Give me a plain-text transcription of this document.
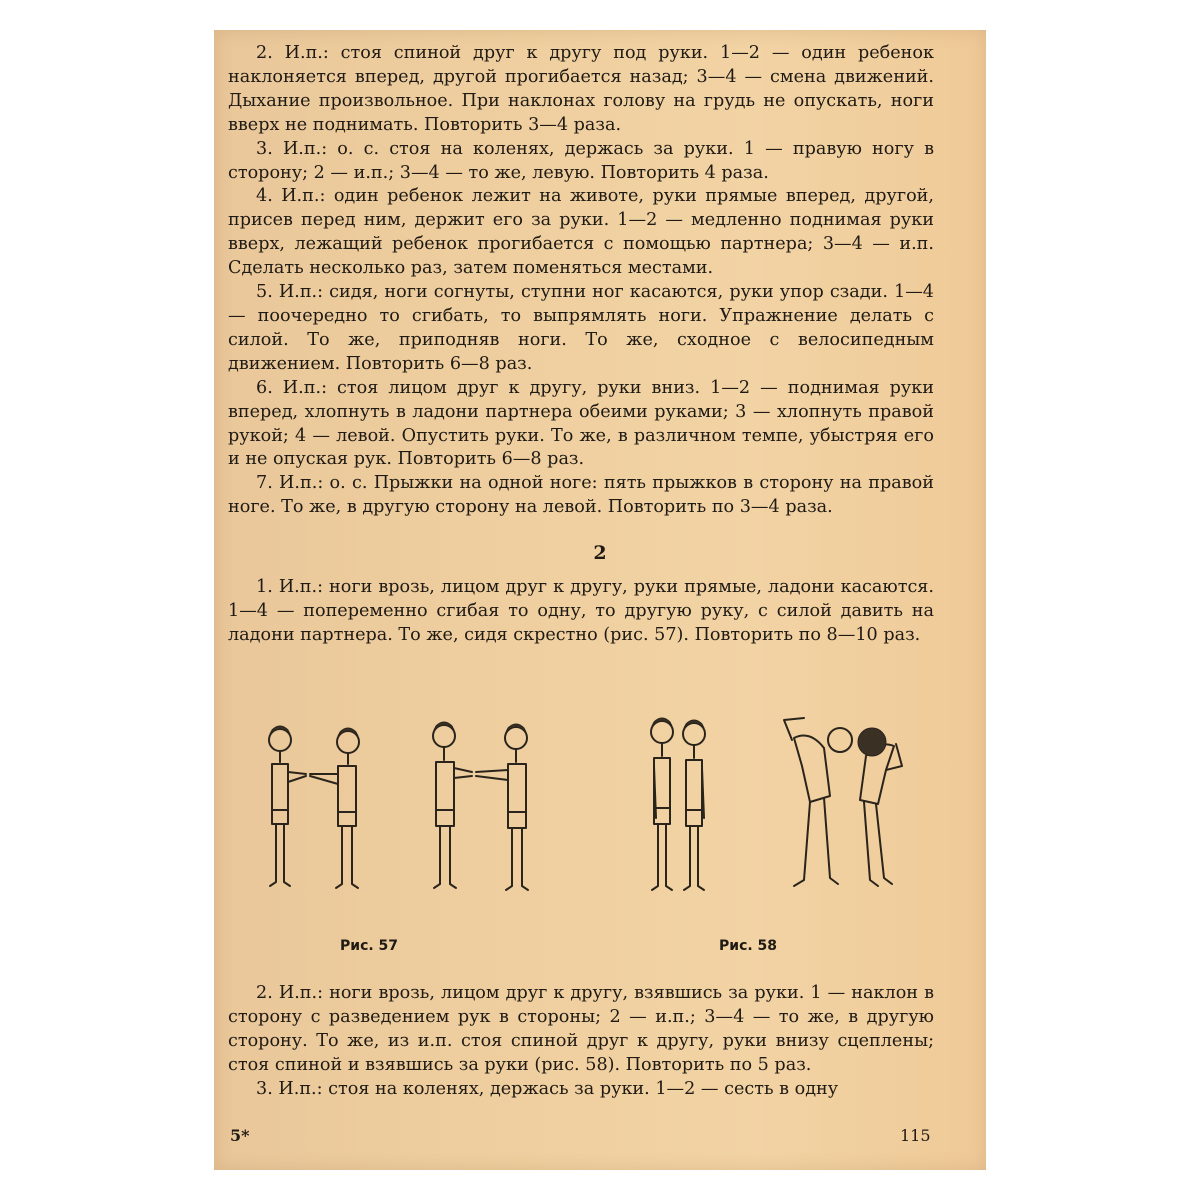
2. И.п.: стоя спиной друг к другу под руки. 1—2 — один ребенок наклоняется вперед, другой прогибается назад; 3—4 — смена движений. Дыхание произвольное. При наклонах голову на грудь не опускать, ноги вверх не поднимать. Повторить 3—4 раза.

3. И.п.: о. с. стоя на коленях, держась за руки. 1 — правую ногу в сторону; 2 — и.п.; 3—4 — то же, левую. Повторить 4 раза.

4. И.п.: один ребенок лежит на животе, руки прямые вперед, другой, присев перед ним, держит его за руки. 1—2 — медленно поднимая руки вверх, лежащий ребенок прогибается с помощью партнера; 3—4 — и.п. Сделать несколько раз, затем поменяться местами.

5. И.п.: сидя, ноги согнуты, ступни ног касаются, руки упор сзади. 1—4 — поочередно то сгибать, то выпрямлять ноги. Упражнение делать с силой. То же, приподняв ноги. То же, сходное с велосипедным движением. Повторить 6—8 раз.

6. И.п.: стоя лицом друг к другу, руки вниз. 1—2 — поднимая руки вперед, хлопнуть в ладони партнера обеими руками; 3 — хлопнуть правой рукой; 4 — левой. Опустить руки. То же, в различном темпе, убыстряя его и не опуская рук. Повторить 6—8 раз.

7. И.п.: о. с. Прыжки на одной ноге: пять прыжков в сторону на правой ноге. То же, в другую сторону на левой. Повторить по 3—4 раза.

2

1. И.п.: ноги врозь, лицом друг к другу, руки прямые, ладони касаются. 1—4 — попеременно сгибая то одну, то другую руку, с силой давить на ладони партнера. То же, сидя скрестно (рис. 57). Повторить по 8—10 раз.

Рис. 57	Рис. 58

2. И.п.: ноги врозь, лицом друг к другу, взявшись за руки. 1 — наклон в сторону с разведением рук в стороны; 2 — и.п.; 3—4 — то же, в другую сторону. То же, из и.п. стоя спиной друг к другу, руки внизу сцеплены; стоя спиной и взявшись за руки (рис. 58). Повторить по 5 раз.

3. И.п.: стоя на коленях, держась за руки. 1—2 — сесть в одну

5*	115
